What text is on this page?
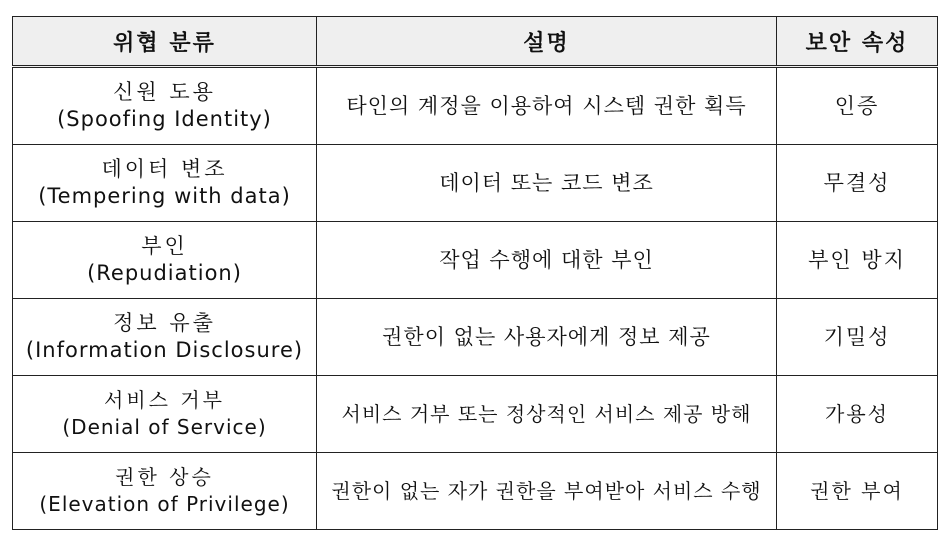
위협 분류	설명	보안 속성

신원 도용
(Spoofing Identity)	타인의 계정을 이용하여 시스템 권한 획득	인증

데이터 변조
(Tempering with data)	데이터 또는 코드 변조	무결성

부인
(Repudiation)	작업 수행에 대한 부인	부인 방지

정보 유출
(Information Disclosure)	권한이 없는 사용자에게 정보 제공	기밀성

서비스 거부
(Denial of Service)	서비스 거부 또는 정상적인 서비스 제공 방해	가용성

권한 상승
(Elevation of Privilege)	권한이 없는 자가 권한을 부여받아 서비스 수행	권한 부여
